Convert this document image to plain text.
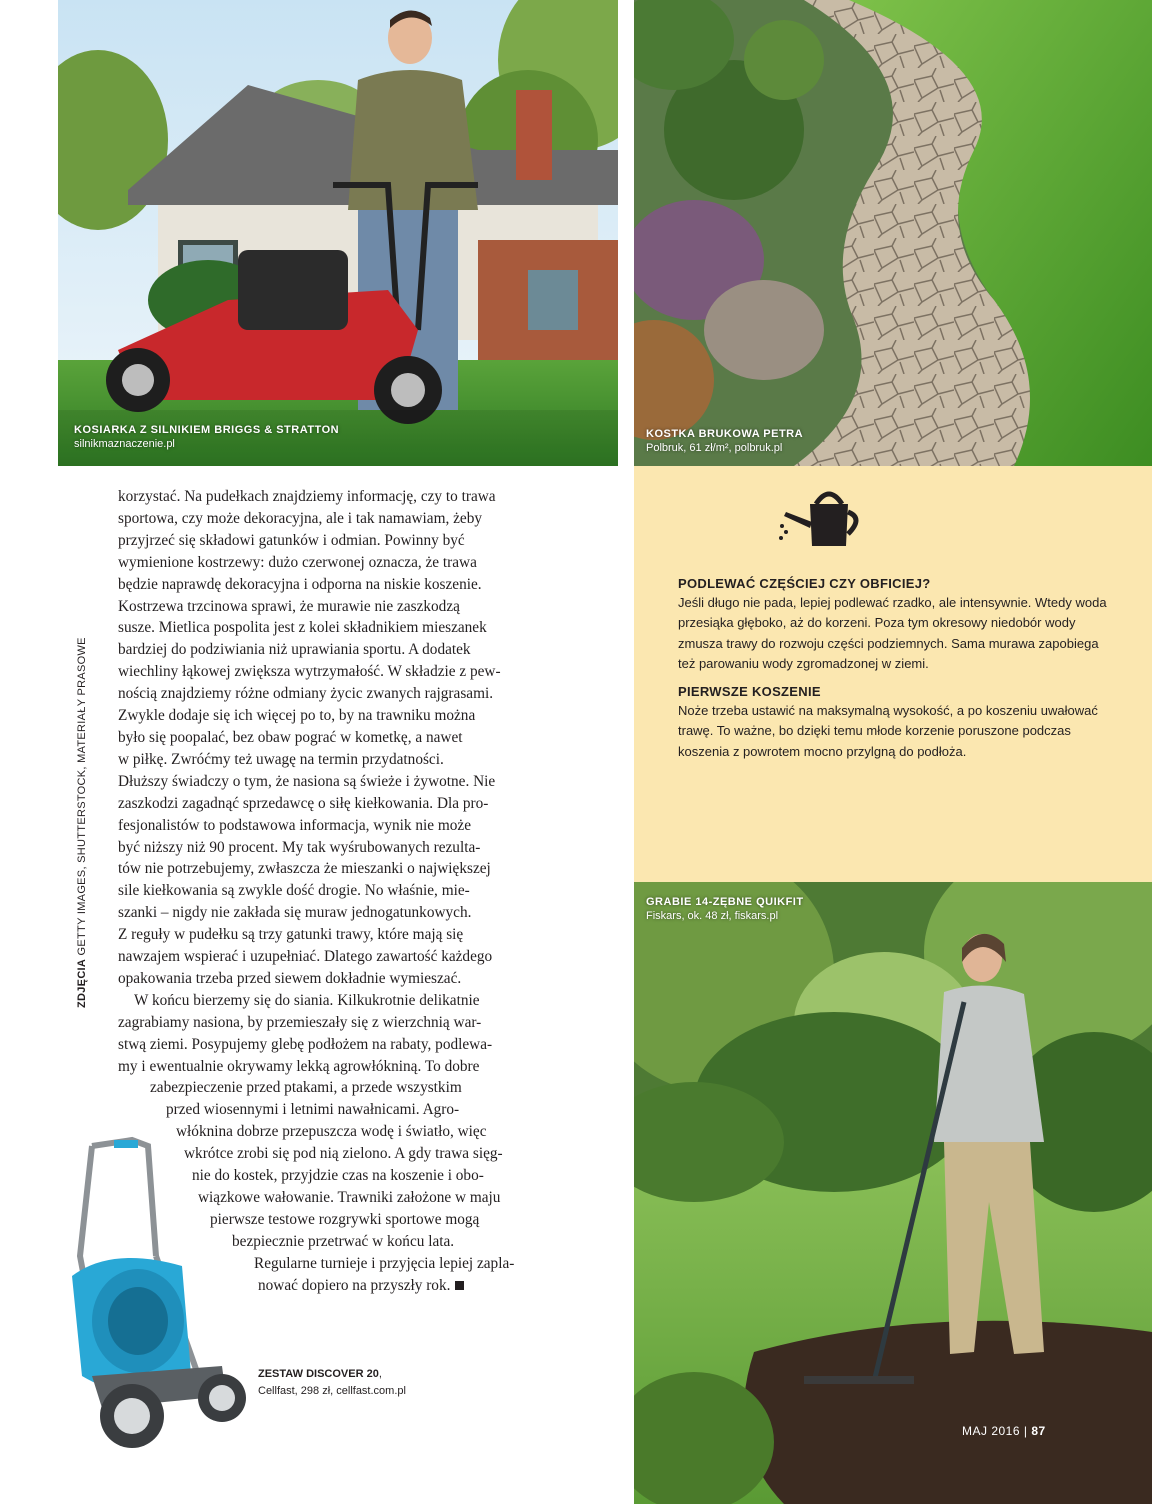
KOSIARKA Z SILNIKIEM BRIGGS & STRATTON
silnikmaznaczenie.pl
KOSTKA BRUKOWA PETRA
Polbruk, 61 zł/m², polbruk.pl
PODLEWAĆ CZĘŚCIEJ CZY OBFICIEJ?

Jeśli długo nie pada, lepiej podlewać rzadko, ale intensywnie. Wtedy woda przesiąka głęboko, aż do korzeni. Poza tym okresowy niedobór wody zmusza trawy do rozwoju części podziemnych. Sama murawa zapobiega też parowaniu wody zgromadzonej w ziemi.

PIERWSZE KOSZENIE

Noże trzeba ustawić na maksymalną wysokość, a po koszeniu uwałować trawę. To ważne, bo dzięki temu młode korzenie poruszone podczas koszenia z powrotem mocno przylgną do podłoża.

GRABIE 14-ZĘBNE QUIKFIT
Fiskars, ok. 48 zł, fiskars.pl

korzystać. Na pudełkach znajdziemy informację, czy to trawa
sportowa, czy może dekoracyjna, ale i tak namawiam, żeby
przyjrzeć się składowi gatunków i odmian. Powinny być
wymienione kostrzewy: dużo czerwonej oznacza, że trawa
będzie naprawdę dekoracyjna i odporna na niskie koszenie.
Kostrzewa trzcinowa sprawi, że murawie nie zaszkodzą
susze. Mietlica pospolita jest z kolei składnikiem mieszanek
bardziej do podziwiania niż uprawiania sportu. A dodatek
wiechliny łąkowej zwiększa wytrzymałość. W składzie z pew-
nością znajdziemy różne odmiany życic zwanych rajgrasami.
Zwykle dodaje się ich więcej po to, by na trawniku można
było się poopalać, bez obaw pograć w kometkę, a nawet
w piłkę. Zwróćmy też uwagę na termin przydatności.
Dłuższy świadczy o tym, że nasiona są świeże i żywotne. Nie
zaszkodzi zagadnąć sprzedawcę o siłę kiełkowania. Dla pro-
fesjonalistów to podstawowa informacja, wynik nie może
być niższy niż 90 procent. My tak wyśrubowanych rezulta-
tów nie potrzebujemy, zwłaszcza że mieszanki o największej
sile kiełkowania są zwykle dość drogie. No właśnie, mie-
szanki – nigdy nie zakłada się muraw jednogatunkowych.
Z reguły w pudełku są trzy gatunki trawy, które mają się
nawzajem wspierać i uzupełniać. Dlatego zawartość każdego
opakowania trzeba przed siewem dokładnie wymieszać.

W końcu bierzemy się do siania. Kilkukrotnie delikatnie
zagrabiamy nasiona, by przemieszały się z wierzchnią war-
stwą ziemi. Posypujemy glebę podłożem na rabaty, podlewa-
my i ewentualnie okrywamy lekką agrowłókniną. To dobre
zabezpieczenie przed ptakami, a przede wszystkim
przed wiosennymi i letnimi nawałnicami. Agro-
włóknina dobrze przepuszcza wodę i światło, więc
wkrótce zrobi się pod nią zielono. A gdy trawa sięg-
nie do kostek, przyjdzie czas na koszenie i obo-
wiązkowe wałowanie. Trawniki założone w maju
pierwsze testowe rozgrywki sportowe mogą
bezpiecznie przetrwać w końcu lata.
Regularne turnieje i przyjęcia lepiej zapla-
nować dopiero na przyszły rok.

ZDJĘCIA GETTY IMAGES, SHUTTERSTOCK, MATERIAŁY PRASOWE
ZESTAW DISCOVER 20,
Cellfast, 298 zł, cellfast.com.pl
MAJ 2016 | 87
